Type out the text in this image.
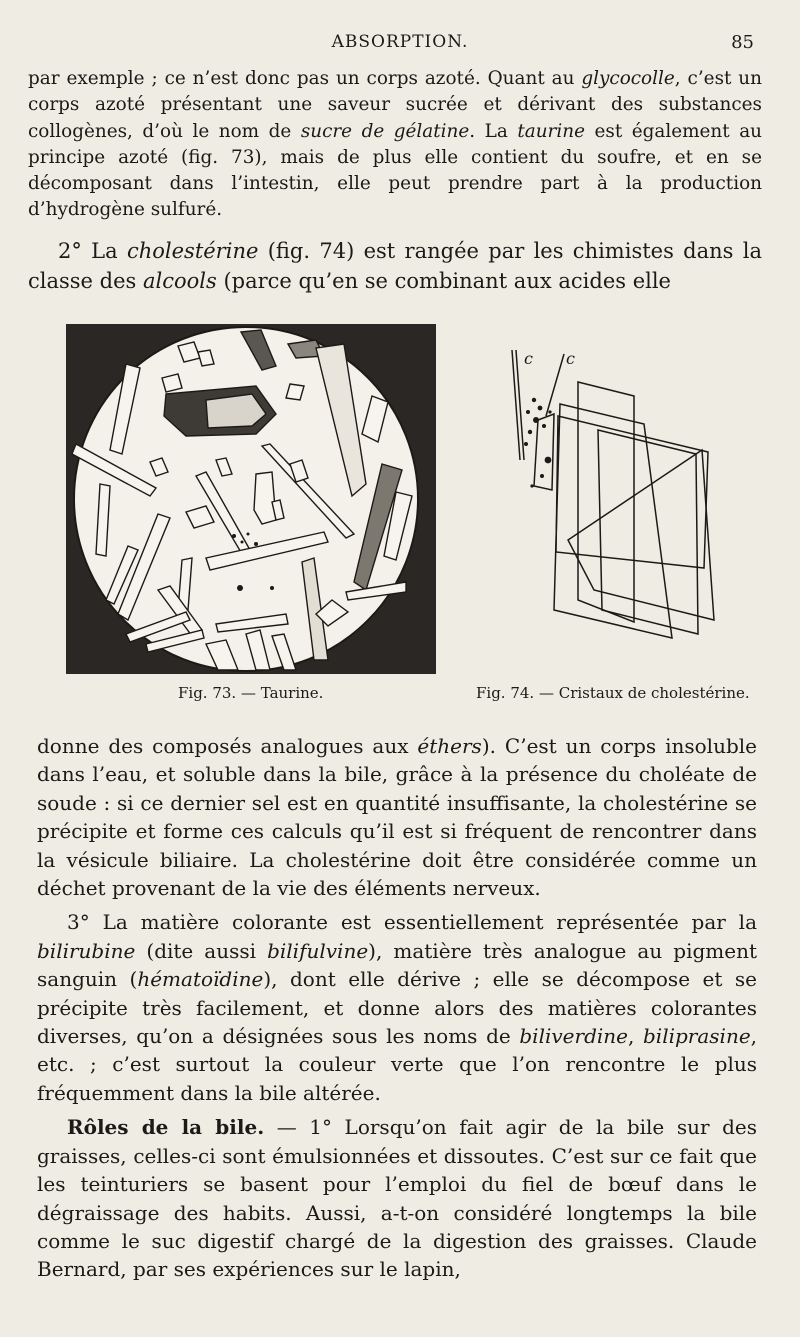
ABSORPTION.	85
par exemple ; ce n’est donc pas un corps azoté. Quant au glycocolle, c’est un corps azoté présentant une saveur sucrée et dérivant des substances collogènes, d’où le nom de sucre de gélatine. La taurine est également au principe azoté (fig. 73), mais de plus elle contient du soufre, et en se décomposant dans l’intestin, elle peut prendre part à la production d’hydrogène sulfuré.

2° La cholestérine (fig. 74) est rangée par les chimistes dans la classe des alcools (parce qu’en se combinant aux acides elle

c c
Fig. 73. — Taurine.	Fig. 74. — Cristaux de cholestérine.

donne des composés analogues aux éthers). C’est un corps insoluble dans l’eau, et soluble dans la bile, grâce à la présence du choléate de soude : si ce dernier sel est en quantité insuffisante, la cholestérine se précipite et forme ces calculs qu’il est si fréquent de rencontrer dans la vésicule biliaire. La cholestérine doit être considérée comme un déchet provenant de la vie des éléments nerveux.

3° La matière colorante est essentiellement représentée par la bilirubine (dite aussi bilifulvine), matière très analogue au pigment sanguin (hématoïdine), dont elle dérive ; elle se décompose et se précipite très facilement, et donne alors des matières colorantes diverses, qu’on a désignées sous les noms de biliverdine, biliprasine, etc. ; c’est surtout la couleur verte que l’on rencontre le plus fréquemment dans la bile altérée.

Rôles de la bile. — 1° Lorsqu’on fait agir de la bile sur des graisses, celles-ci sont émulsionnées et dissoutes. C’est sur ce fait que les teinturiers se basent pour l’emploi du fiel de bœuf dans le dégraissage des habits. Aussi, a-t-on considéré longtemps la bile comme le suc digestif chargé de la digestion des graisses. Claude Bernard, par ses expériences sur le lapin,
